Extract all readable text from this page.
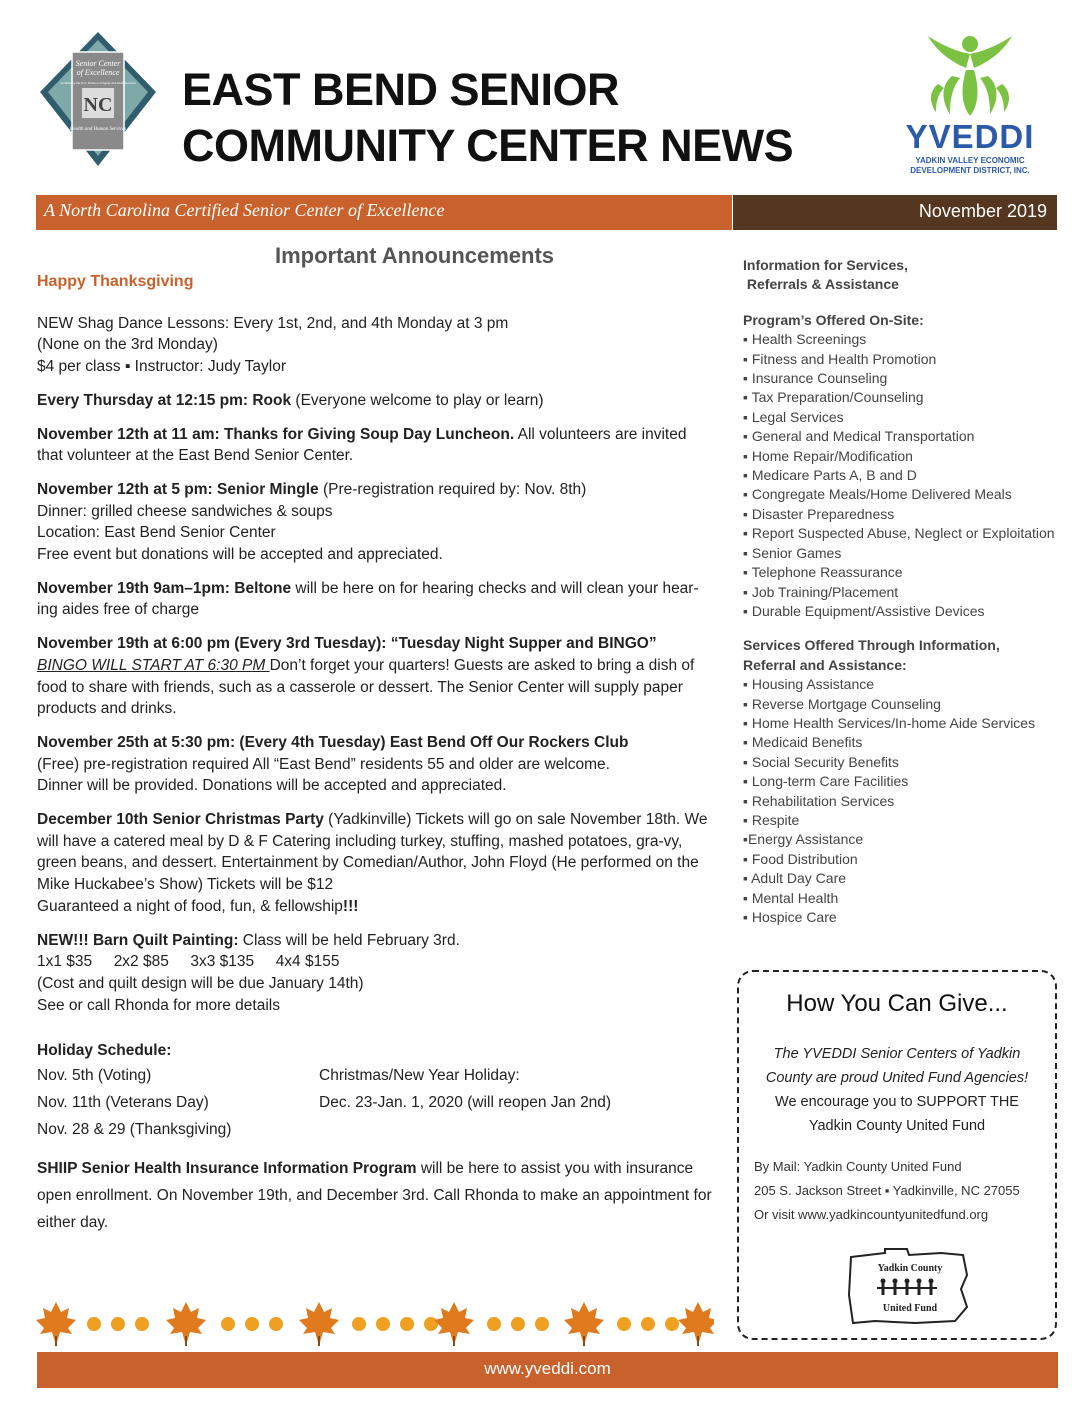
Senior Center
of Excellence
Certified by the N.C. Division of Aging and Adult Services
NC
Health and Human Services
EAST BEND SENIOR
COMMUNITY CENTER NEWS	YVEDDI
YADKIN VALLEY ECONOMIC
DEVELOPMENT DISTRICT, INC.
A North Carolina Certified Senior Center of Excellence	November 2019
Important Announcements
Happy Thanksgiving
NEW Shag Dance Lessons: Every 1st, 2nd, and 4th Monday at 3 pm
(None on the 3rd Monday)
$4 per class ▪ Instructor: Judy Taylor
Every Thursday at 12:15 pm: Rook (Everyone welcome to play or learn)
November 12th at 11 am: Thanks for Giving Soup Day Luncheon. All volunteers are invited that volunteer at the East Bend Senior Center.
November 12th at 5 pm: Senior Mingle (Pre-registration required by: Nov. 8th)
Dinner: grilled cheese sandwiches & soups
Location: East Bend Senior Center
Free event but donations will be accepted and appreciated.
November 19th 9am–1pm: Beltone will be here on for hearing checks and will clean your hear-ing aides free of charge
November 19th at 6:00 pm (Every 3rd Tuesday): “Tuesday Night Supper and BINGO”
BINGO WILL START AT 6:30 PM Don’t forget your quarters! Guests are asked to bring a dish of food to share with friends, such as a casserole or dessert. The Senior Center will supply paper products and drinks.
November 25th at 5:30 pm: (Every 4th Tuesday) East Bend Off Our Rockers Club
(Free) pre-registration required All “East Bend” residents 55 and older are welcome.
Dinner will be provided. Donations will be accepted and appreciated.
December 10th Senior Christmas Party (Yadkinville) Tickets will go on sale November 18th. We will have a catered meal by D & F Catering including turkey, stuffing, mashed potatoes, gra-vy, green beans, and dessert. Entertainment by Comedian/Author, John Floyd (He performed on the Mike Huckabee’s Show) Tickets will be $12
Guaranteed a night of food, fun, & fellowship!!!
NEW!!! Barn Quilt Painting: Class will be held February 3rd.
1x1 $35     2x2 $85     3x3 $135     4x4 $155
(Cost and quilt design will be due January 14th)
See or call Rhonda for more details
Holiday Schedule:
Nov. 5th (Voting)
Nov. 11th (Veterans Day)
Nov. 28 & 29 (Thanksgiving)
Christmas/New Year Holiday:
Dec. 23-Jan. 1, 2020 (will reopen Jan 2nd)
SHIIP Senior Health Insurance Information Program will be here to assist you with insurance open enrollment. On November 19th, and December 3rd. Call Rhonda to make an appointment for either day.
Information for Services,
Referrals & Assistance
Program’s Offered On-Site:
▪ Health Screenings
▪ Fitness and Health Promotion
▪ Insurance Counseling
▪ Tax Preparation/Counseling
▪ Legal Services
▪ General and Medical Transportation
▪ Home Repair/Modification
▪ Medicare Parts A, B and D
▪ Congregate Meals/Home Delivered Meals
▪ Disaster Preparedness
▪ Report Suspected Abuse, Neglect or Exploitation
▪ Senior Games
▪ Telephone Reassurance
▪ Job Training/Placement
▪ Durable Equipment/Assistive Devices
Services Offered Through Information,
Referral and Assistance:
▪ Housing Assistance
▪ Reverse Mortgage Counseling
▪ Home Health Services/In-home Aide Services
▪ Medicaid Benefits
▪ Social Security Benefits
▪ Long-term Care Facilities
▪ Rehabilitation Services
▪ Respite
▪Energy Assistance
▪ Food Distribution
▪ Adult Day Care
▪ Mental Health
▪ Hospice Care
How You Can Give...
The YVEDDI Senior Centers of Yadkin
County are proud United Fund Agencies!
We encourage you to SUPPORT THE
Yadkin County United Fund
By Mail: Yadkin County United Fund
205 S. Jackson Street ▪ Yadkinville, NC 27055
Or visit www.yadkincountyunitedfund.org
Yadkin County
United Fund
www.yveddi.com
